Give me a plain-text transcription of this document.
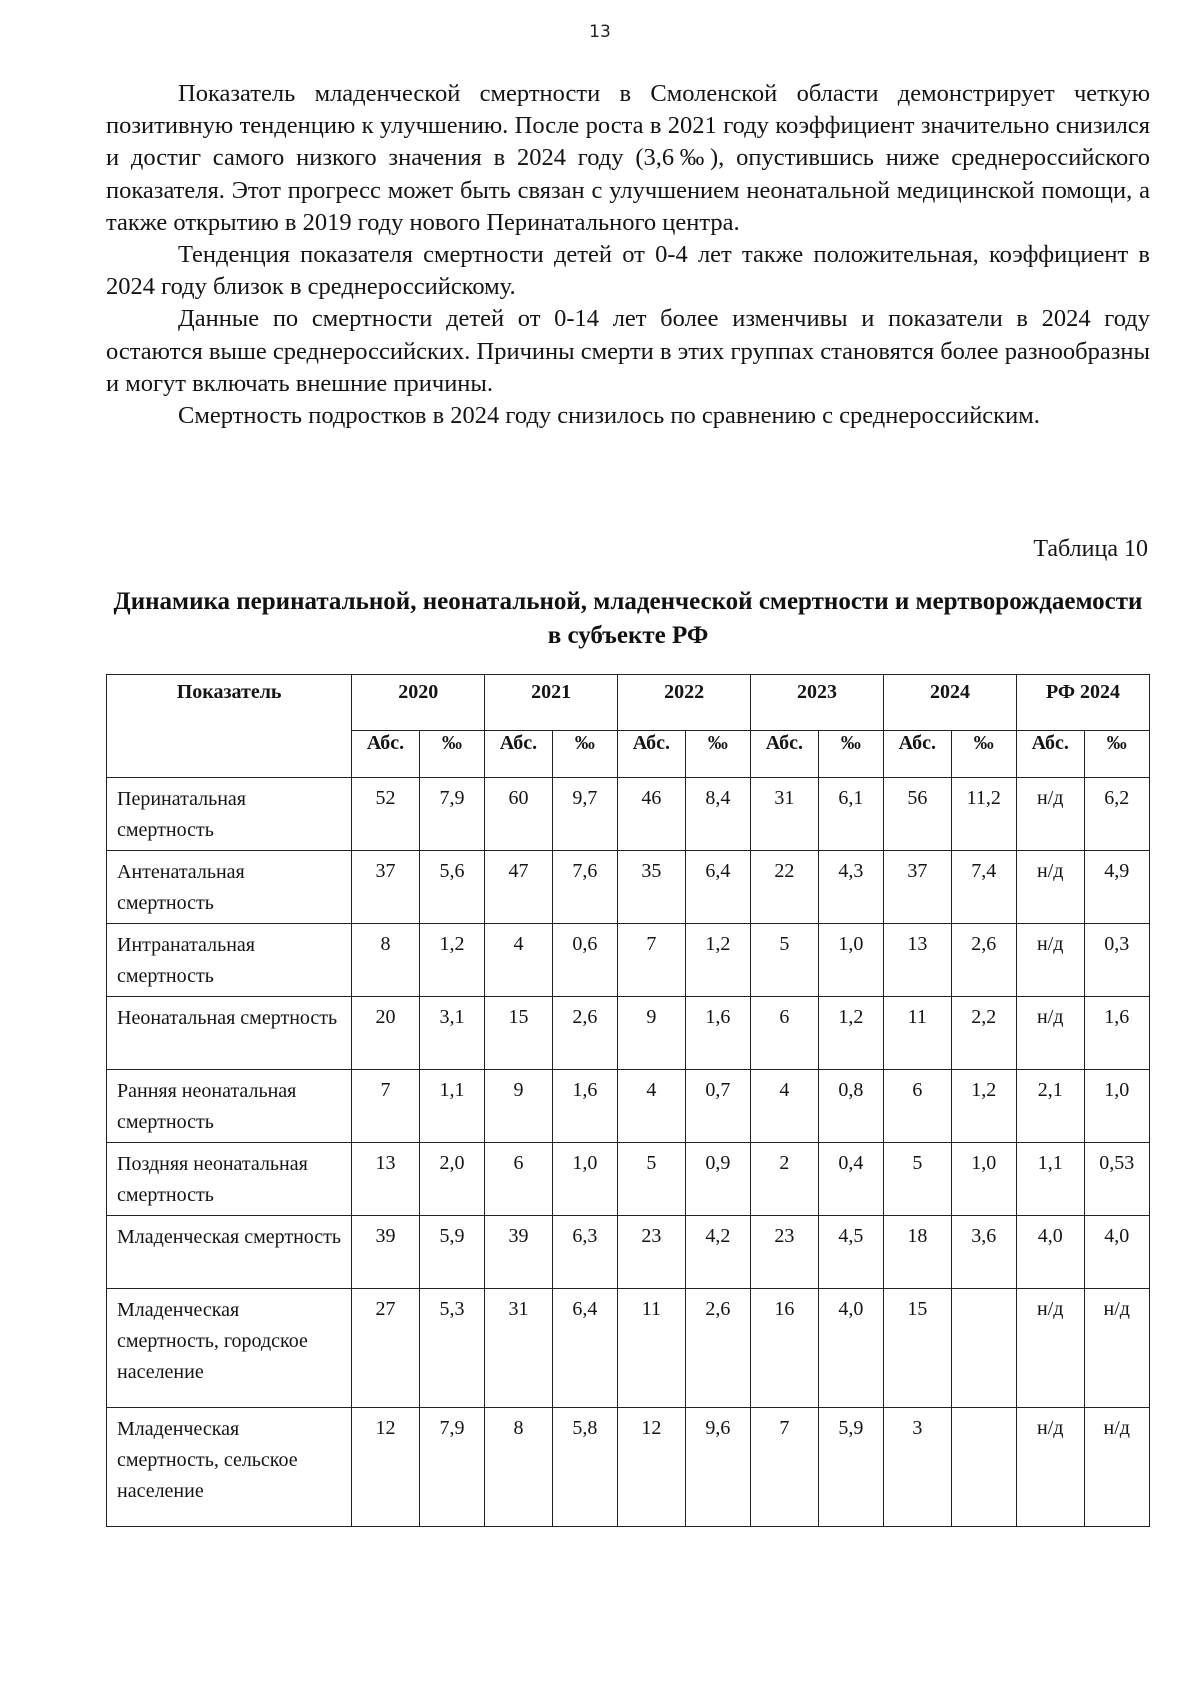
13

Показатель младенческой смертности в Смоленской области демонстрирует четкую позитивную тенденцию к улучшению. После роста в 2021 году коэффициент значительно снизился и достиг самого низкого значения в 2024 году (3,6‰), опустившись ниже среднероссийского показателя. Этот прогресс может быть связан с улучшением неонатальной медицинской помощи, а также открытию в 2019 году нового Перинатального центра.

Тенденция показателя смертности детей от 0-4 лет также положительная, коэффициент в 2024 году близок в среднероссийскому.

Данные по смертности детей от 0-14 лет более изменчивы и показатели в 2024 году остаются выше среднероссийских. Причины смерти в этих группах становятся более разнообразны и могут включать внешние причины.

Смертность подростков в 2024 году снизилось по сравнению с среднероссийским.

Таблица 10
Динамика перинатальной, неонатальной, младенческой смертности и мертворождаемости в субъекте РФ
Показатель	2020		2021		2022		2023		2024		РФ 2024	
	Абс.	‰	Абс.	‰	Абс.	‰	Абс.	‰	Абс.	‰	Абс.	‰
Перинатальная смертность	52	7,9	60	9,7	46	8,4	31	6,1	56	11,2	н/д	6,2
Антенатальная смертность	37	5,6	47	7,6	35	6,4	22	4,3	37	7,4	н/д	4,9
Интранатальная смертность	8	1,2	4	0,6	7	1,2	5	1,0	13	2,6	н/д	0,3
Неонатальная смертность	20	3,1	15	2,6	9	1,6	6	1,2	11	2,2	н/д	1,6
Ранняя неонатальная смертность	7	1,1	9	1,6	4	0,7	4	0,8	6	1,2	2,1	1,0
Поздняя неонатальная смертность	13	2,0	6	1,0	5	0,9	2	0,4	5	1,0	1,1	0,53
Младенческая смертность	39	5,9	39	6,3	23	4,2	23	4,5	18	3,6	4,0	4,0
Младенческая смертность, городское население	27	5,3	31	6,4	11	2,6	16	4,0	15		н/д	н/д
Младенческая смертность, сельское население	12	7,9	8	5,8	12	9,6	7	5,9	3		н/д	н/д
